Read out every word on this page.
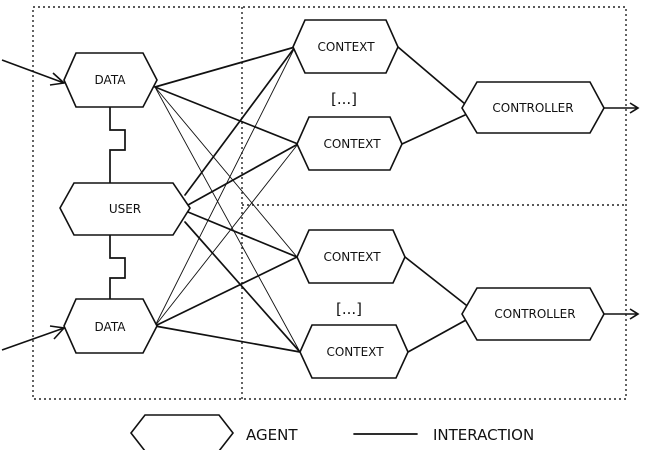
DATA
USER
DATA
CONTEXT
CONTEXT
CONTEXT
CONTEXT
CONTROLLER
CONTROLLER
[...]
[...]
AGENT	INTERACTION
